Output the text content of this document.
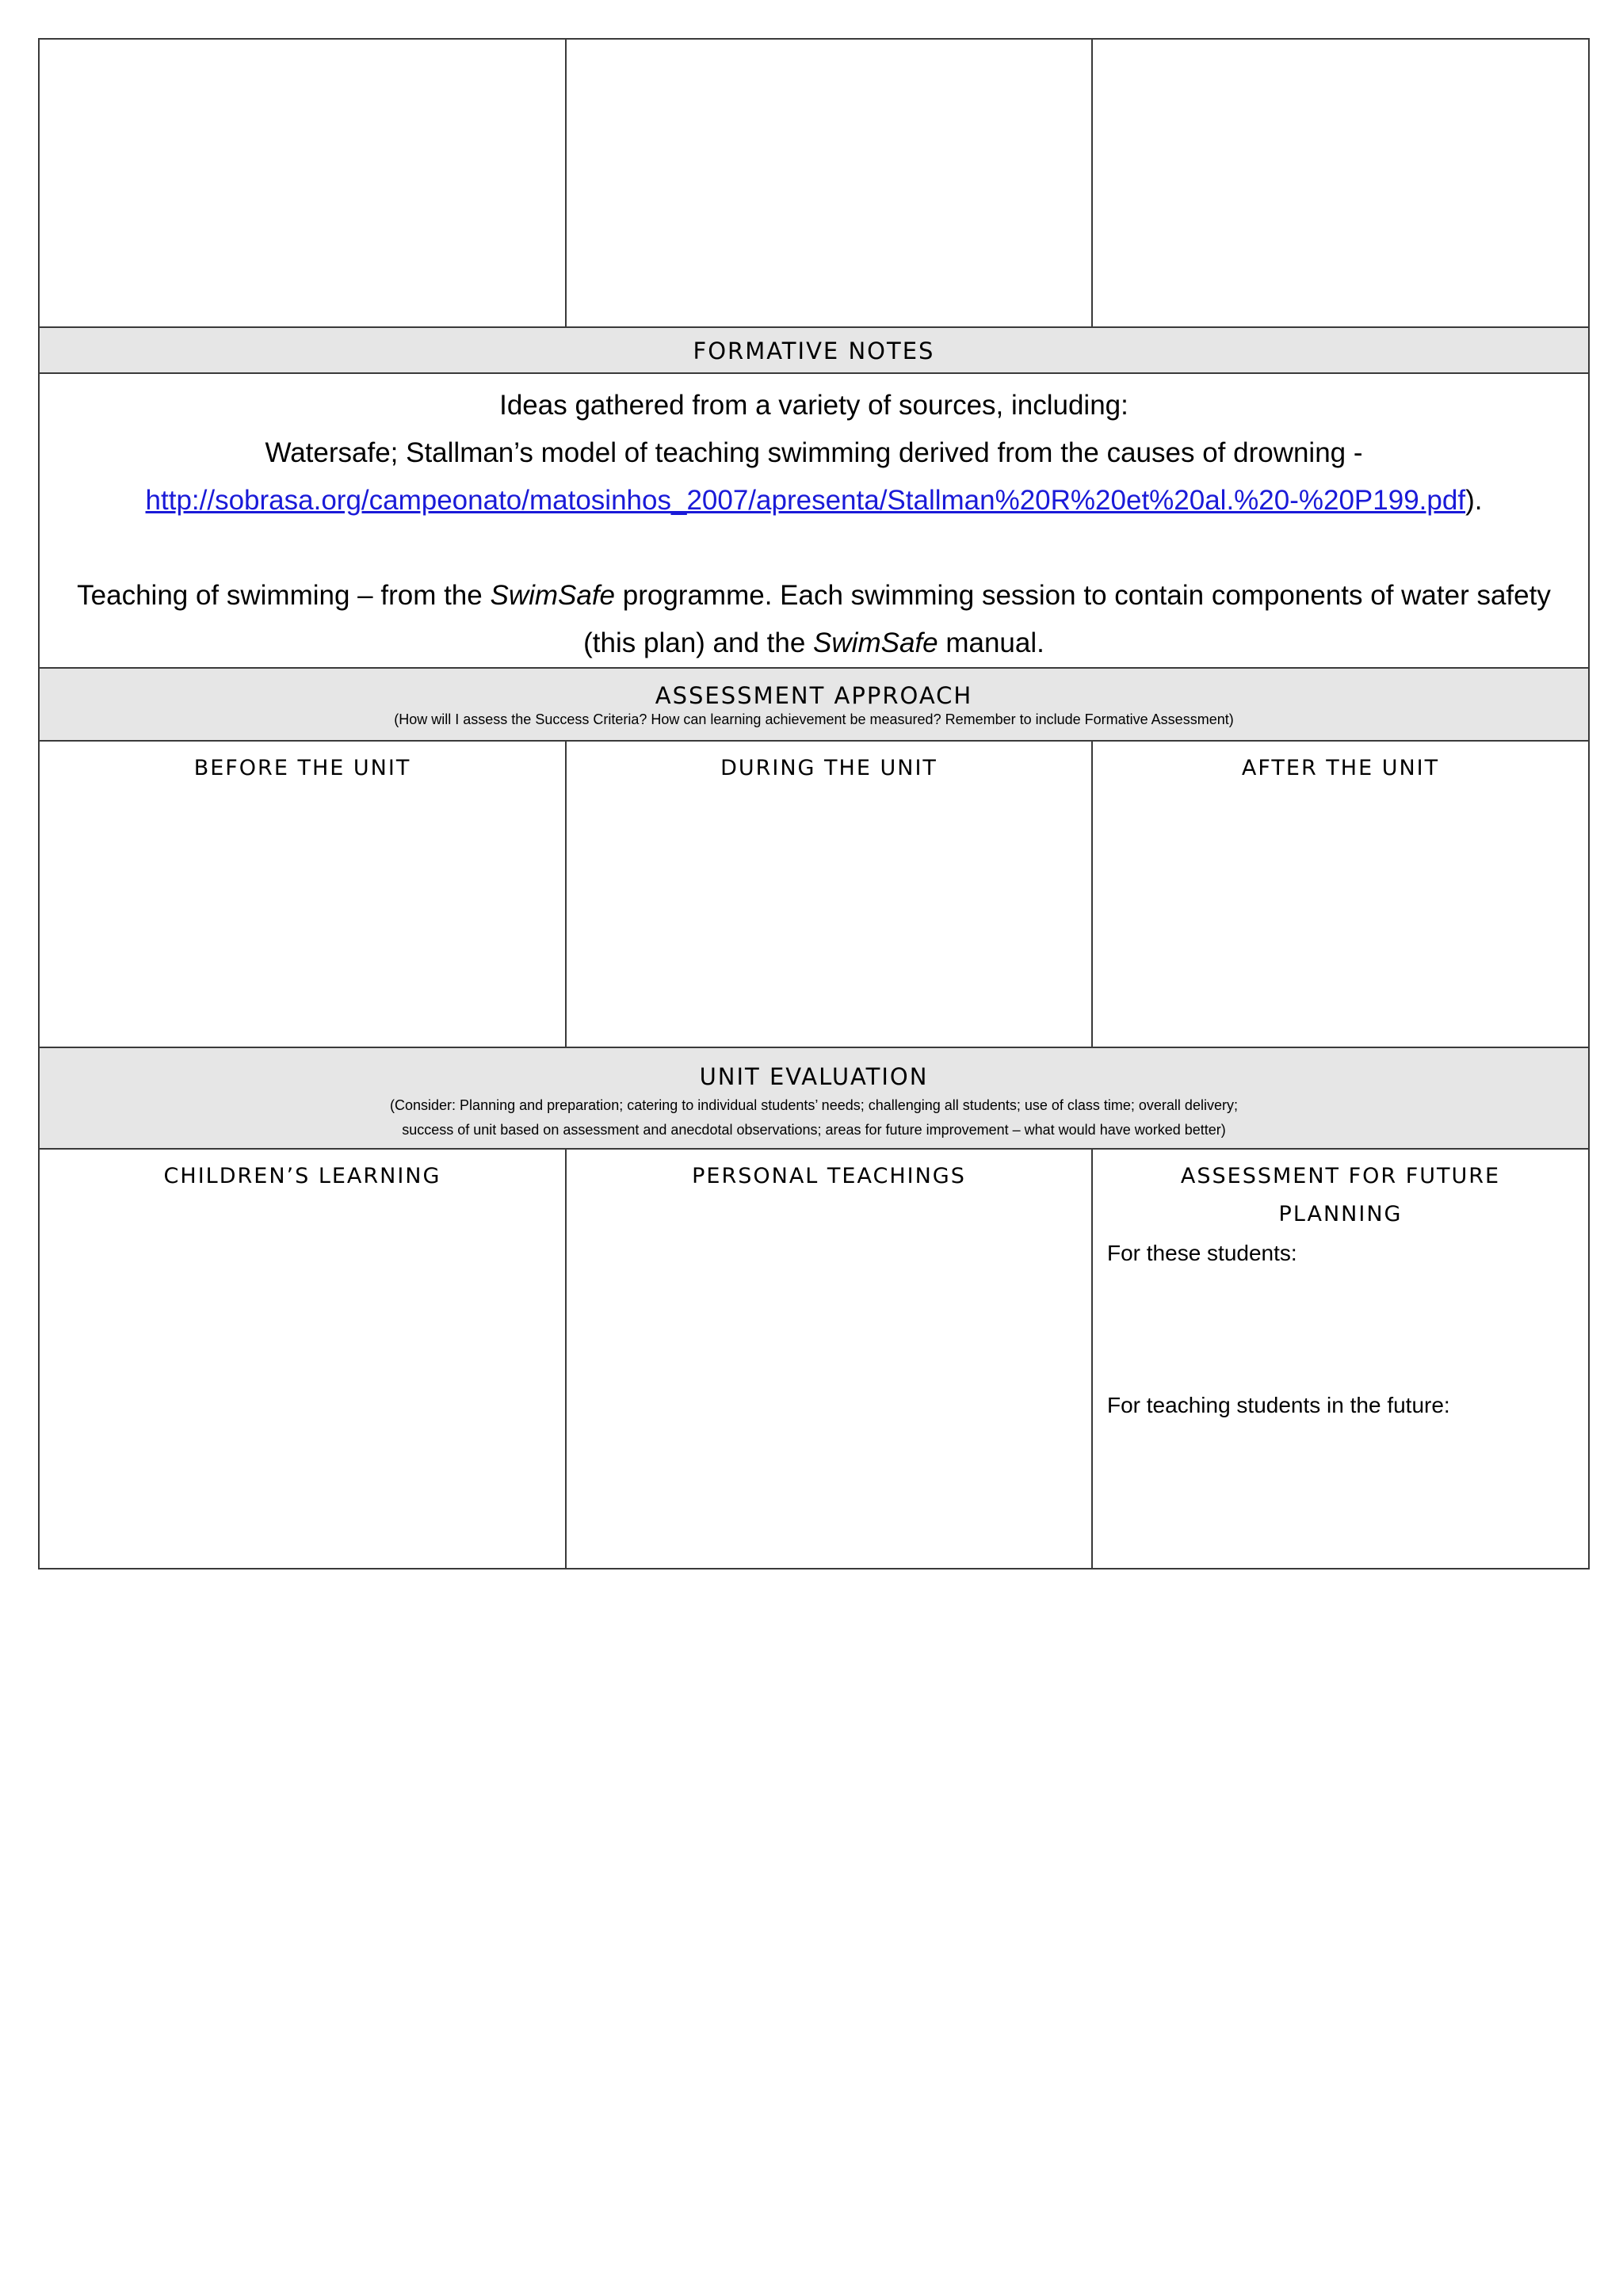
FORMATIVE NOTES		

Ideas gathered from a variety of sources, including:
Watersafe; Stallman’s model of teaching swimming derived from the causes of drowning -
http://sobrasa.org/campeonato/matosinhos_2007/apresenta/Stallman%20R%20et%20al.%20-%20P199.pdf).
Teaching of swimming – from the SwimSafe programme. Each swimming session to contain components of water safety (this plan) and the SwimSafe manual.		

ASSESSMENT APPROACH
(How will I assess the Success Criteria? How can learning achievement be measured? Remember to include Formative Assessment)		

BEFORE THE UNIT	DURING THE UNIT	AFTER THE UNIT

UNIT EVALUATION
(Consider: Planning and preparation; catering to individual students’ needs; challenging all students; use of class time; overall delivery;
success of unit based on assessment and anecdotal observations; areas for future improvement – what would have worked better)		

CHILDREN’S LEARNING	PERSONAL TEACHINGS	ASSESSMENT FOR FUTURE PLANNING
For these students:
For teaching students in the future:
